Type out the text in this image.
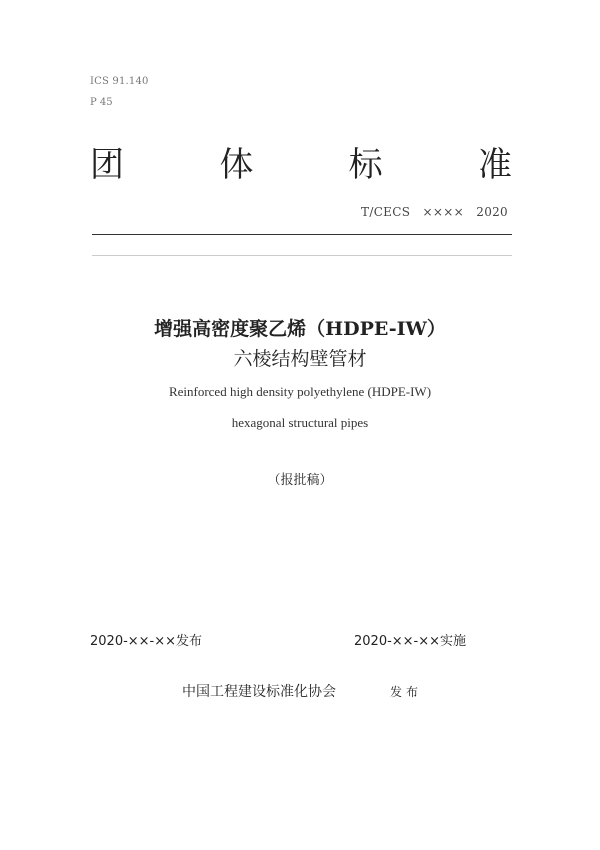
ICS 91.140
P 45
团	体	标	准
T/CECS　××××　2020
增强高密度聚乙烯（HDPE-IW）
六棱结构壁管材
Reinforced high density polyethylene (HDPE-IW)
hexagonal structural pipes
（报批稿）
2020-××-××发布	2020-××-××实施
中国工程建设标准化协会	发布
